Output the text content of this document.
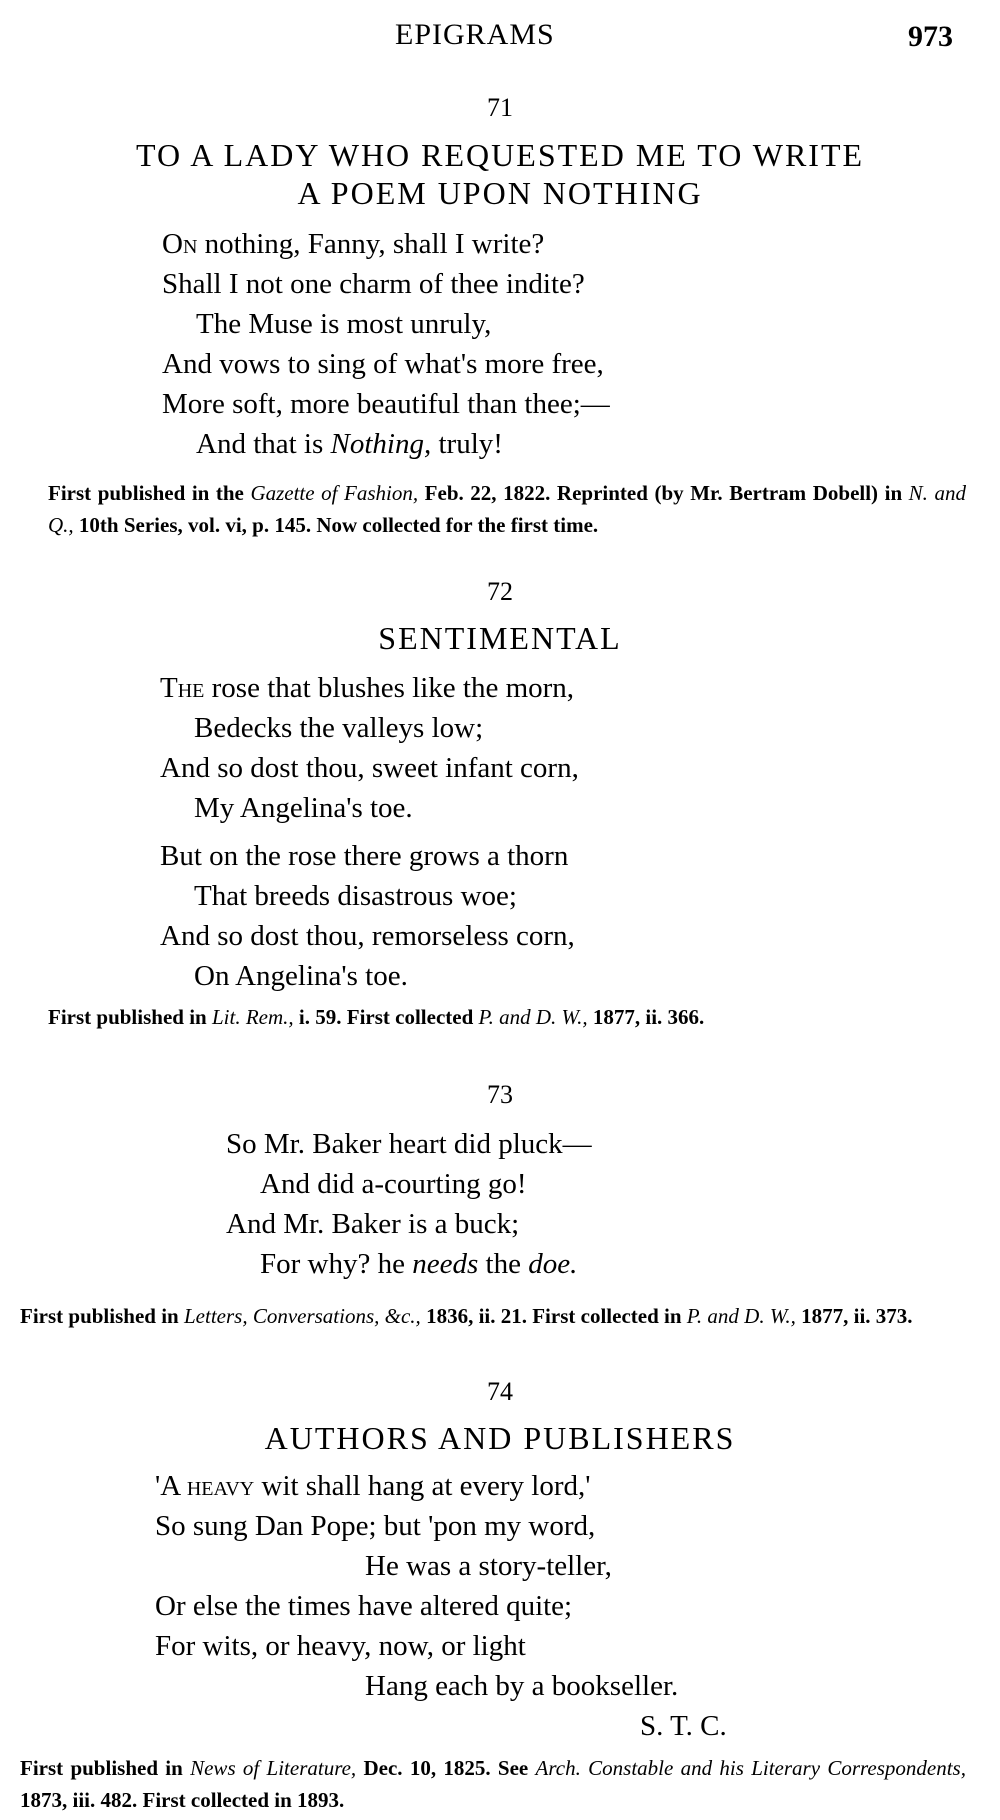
EPIGRAMS	973
71
TO A LADY WHO REQUESTED ME TO WRITE
A POEM UPON NOTHING
On nothing, Fanny, shall I write?
Shall I not one charm of thee indite?
The Muse is most unruly,
And vows to sing of what's more free,
More soft, more beautiful than thee;—
And that is Nothing, truly!
First published in the Gazette of Fashion, Feb. 22, 1822. Reprinted (by Mr. Bertram Dobell) in N. and Q., 10th Series, vol. vi, p. 145. Now collected for the first time.
72
SENTIMENTAL
The rose that blushes like the morn,
Bedecks the valleys low;
And so dost thou, sweet infant corn,
My Angelina's toe.
But on the rose there grows a thorn
That breeds disastrous woe;
And so dost thou, remorseless corn,
On Angelina's toe.
First published in Lit. Rem., i. 59. First collected P. and D. W., 1877, ii. 366.
73
So Mr. Baker heart did pluck—
And did a-courting go!
And Mr. Baker is a buck;
For why? he needs the doe.
First published in Letters, Conversations, &c., 1836, ii. 21. First collected in P. and D. W., 1877, ii. 373.
74
AUTHORS AND PUBLISHERS
'A heavy wit shall hang at every lord,'
So sung Dan Pope; but 'pon my word,
He was a story-teller,
Or else the times have altered quite;
For wits, or heavy, now, or light
Hang each by a bookseller.
S. T. C.
First published in News of Literature, Dec. 10, 1825. See Arch. Constable and his Literary Correspondents, 1873, iii. 482. First collected in 1893.
